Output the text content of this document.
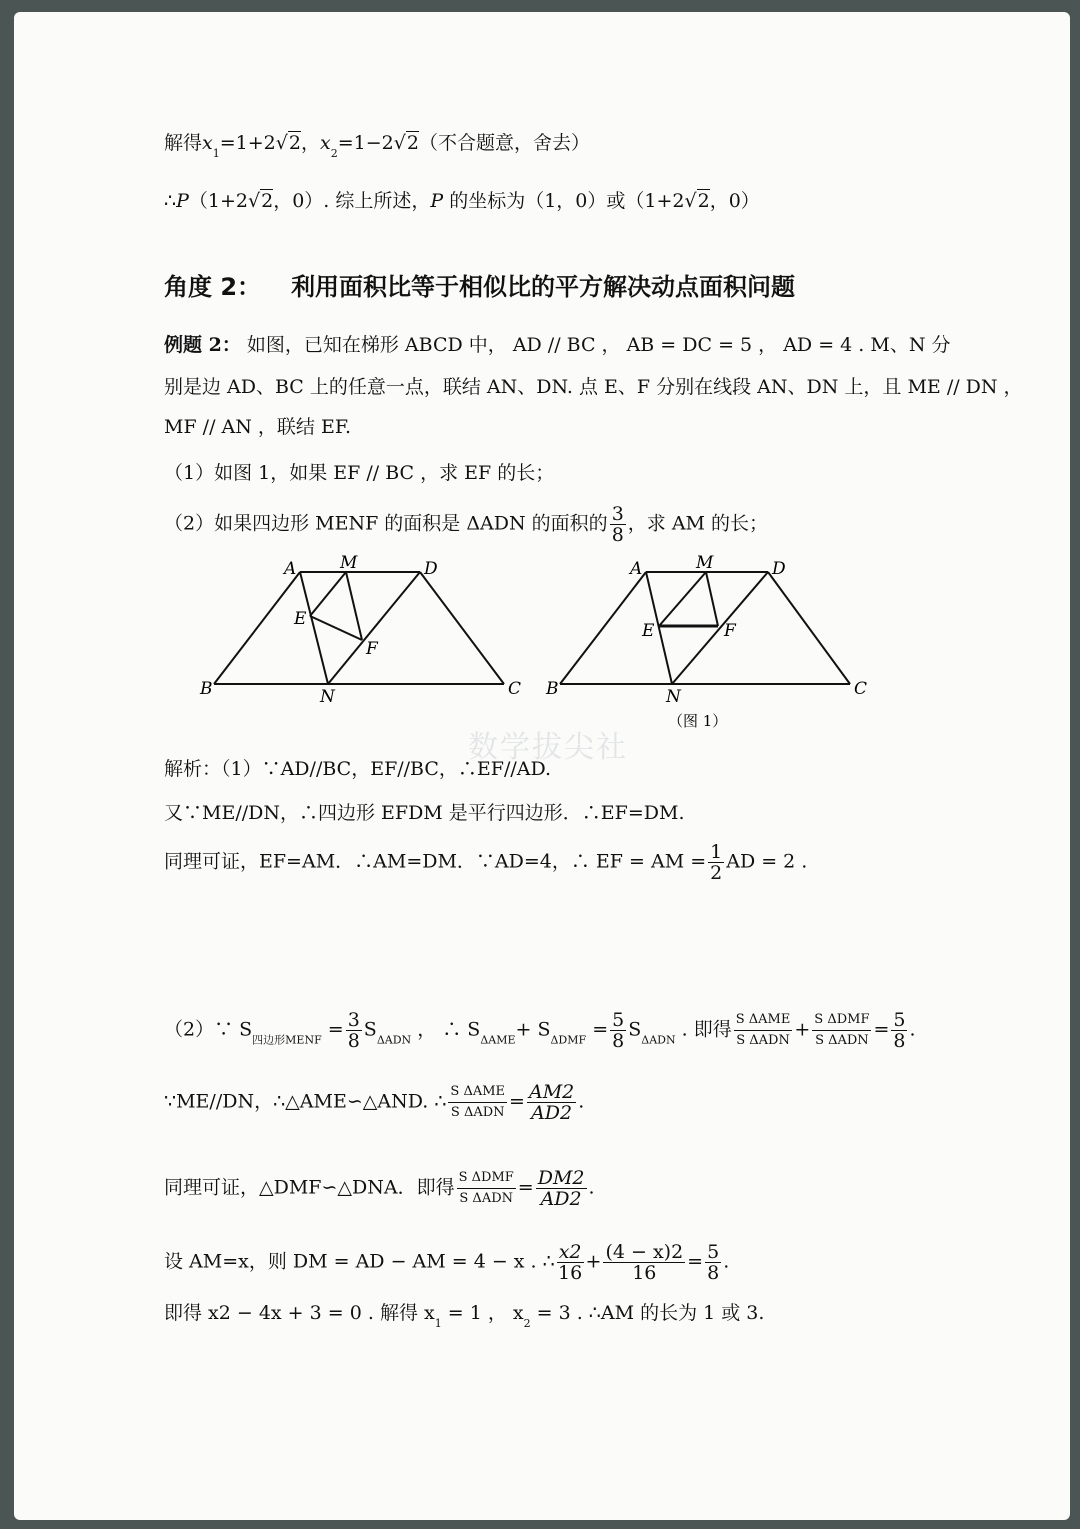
解得$x_1=1+2√2$，$x_2=1-2√2$（不合题意，舍去）
∴P（1+2√2，0）. 综上所述，P 的坐标为（1，0）或（1+2√2，0）
角度 2： 利用面积比等于相似比的平方解决动点面积问题
例题 2： 如图，已知在梯形 ABCD 中， AD // BC ， AB = DC = 5 ， AD = 4 . M、N 分
别是边 AD、BC 上的任意一点，联结 AN、DN. 点 E、F 分别在线段 AN、DN 上，且 ME // DN ，
MF // AN ，联结 EF.
（1）如图 1，如果 EF // BC ，求 EF 的长；
（2）如果四边形 MENF 的面积是 ΔADN 的面积的 $\frac{3}{8}$ ，求 AM 的长；
A	M	D
E
F
B	N	C
A	M	D
E	F
B	N	C
（图 1）
数学拔尖社
解析：（1）∵AD//BC，EF//BC，∴EF//AD.
又∵ME//DN，∴四边形 EFDM 是平行四边形．∴EF=DM.
同理可证，EF=AM．∴AM=DM．∵AD=4，∴ EF = AM = $\frac{1}{2}$ AD = 2 .
（2）∵ $S_{四边形MENF} = \frac{3}{8} S_{\Delta ADN}$ ， ∴ $S_{\Delta AME}+ S_{\Delta DMF} = \frac{5}{8} S_{\Delta ADN}$ . 即得 $\frac{\text{S ΔAME}}{\text{S ΔADN}} + \frac{\text{S ΔDMF}}{\text{S ΔADN}} = \frac{5}{8}$ .
∵ME//DN，∴△AME∽△AND. ∴ $\frac{\text{S ΔAME}}{\text{S ΔADN}} = \frac{AM2}{AD2}$ .
同理可证，△DMF∽△DNA．即得 $\frac{\text{S ΔDMF}}{\text{S ΔADN}} = \frac{DM2}{AD2}$ .
设 AM=x，则 DM = AD − AM = 4 − x . ∴ $\frac{x2}{16} + \frac{(4 - x)2}{16} = \frac{5}{8}$ .
即得 x2 − 4x + 3 = 0 . 解得 $x_1 = 1$ ， $x_2 = 3$ . ∴AM 的长为 1 或 3.
